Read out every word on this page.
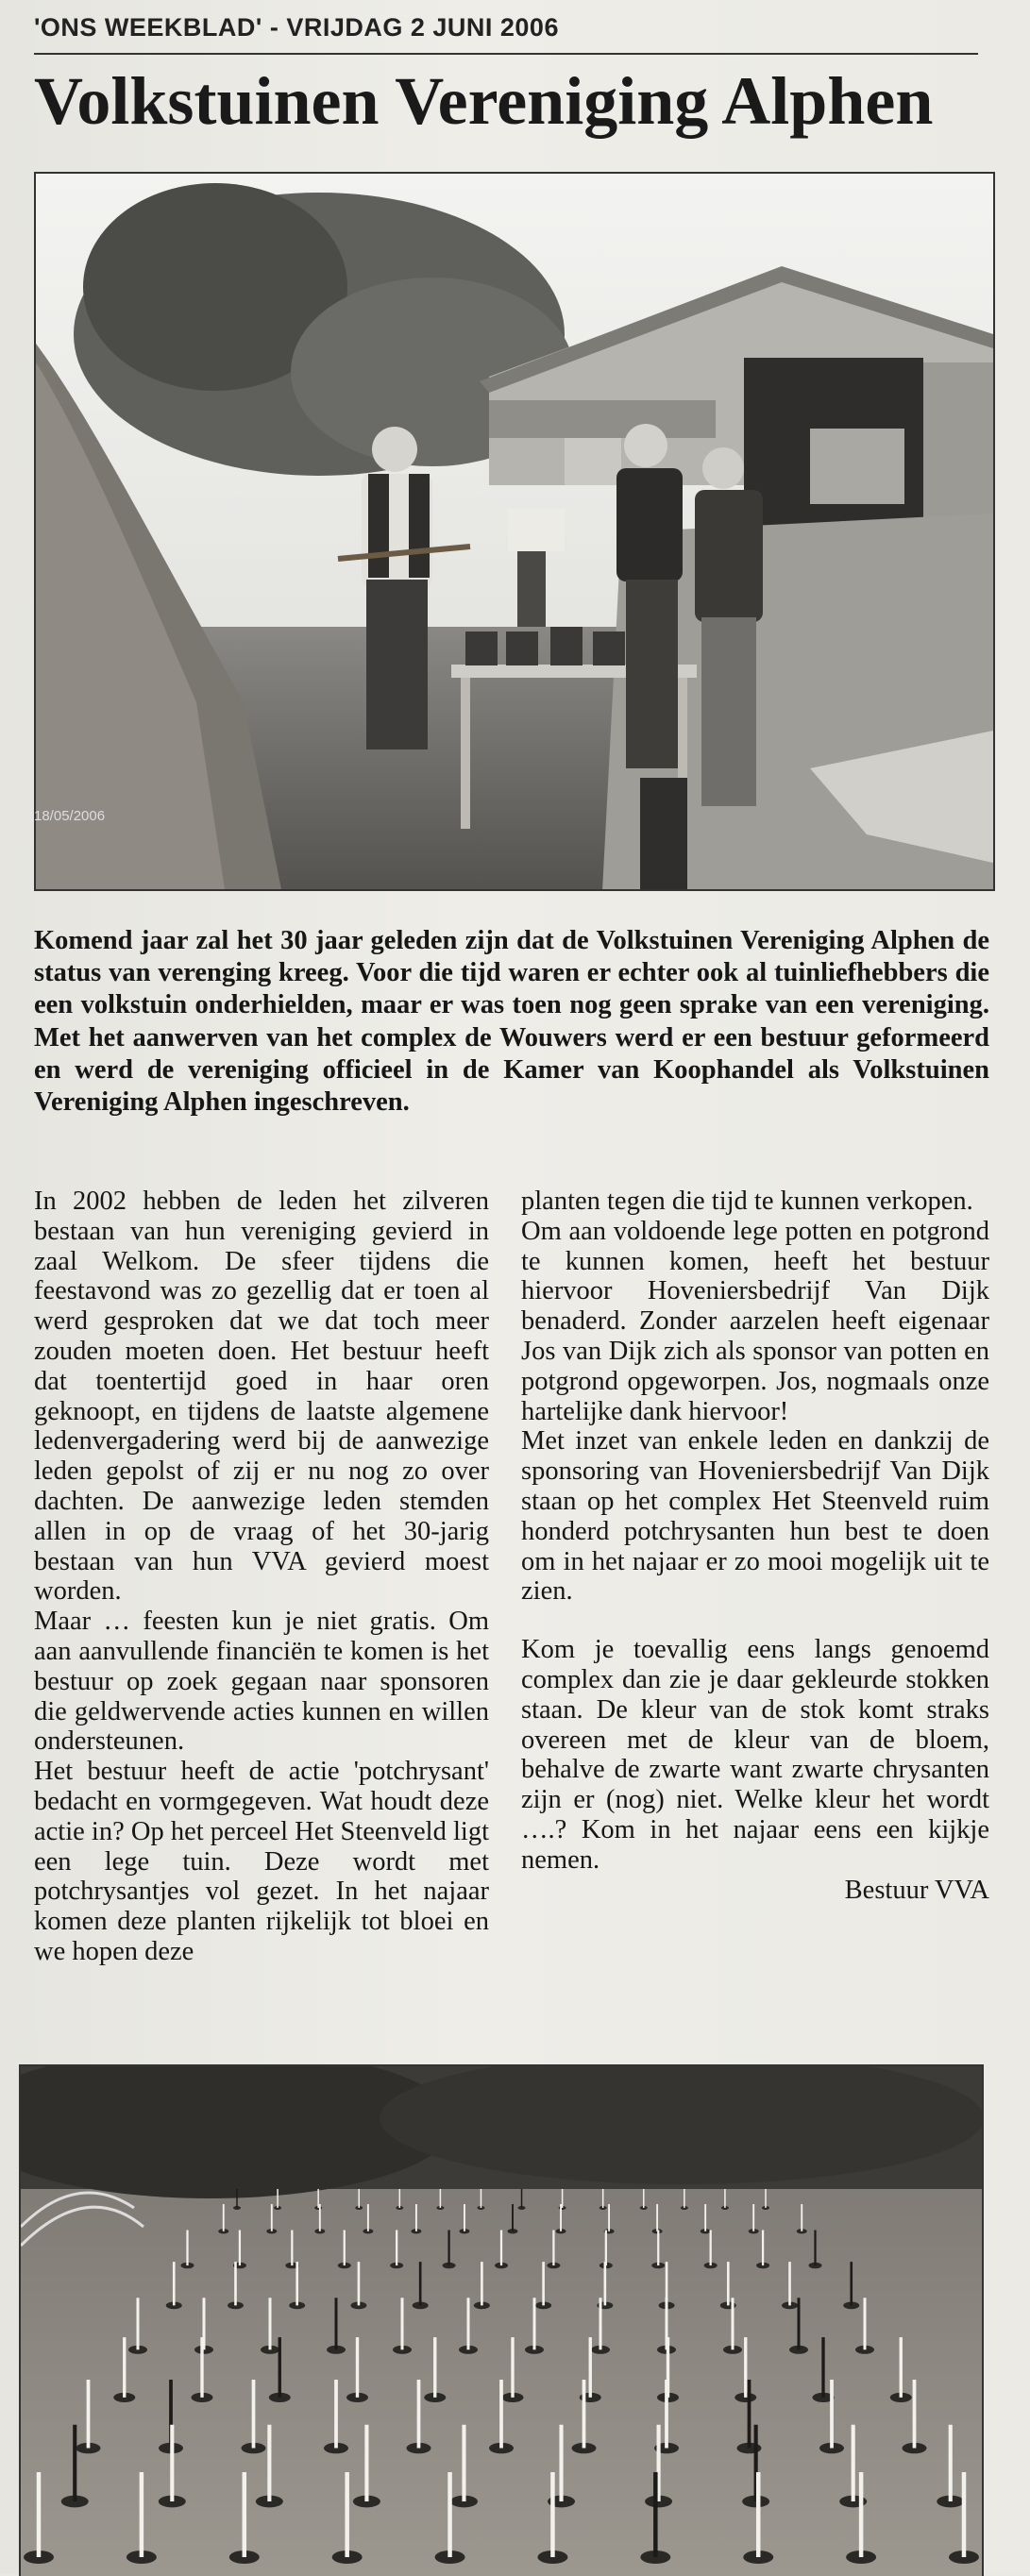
'ONS WEEKBLAD' - VRIJDAG 2 JUNI 2006
Volkstuinen Vereniging Alphen
18/05/2006

Komend jaar zal het 30 jaar geleden zijn dat de Volkstuinen Vereniging Alphen de status van verenging kreeg. Voor die tijd waren er echter ook al tuinliefhebbers die een volkstuin onderhielden, maar er was toen nog geen sprake van een vereniging. Met het aanwerven van het complex de Wouwers werd er een bestuur geformeerd en werd de vereniging officieel in de Kamer van Koophandel als Volkstuinen Vereniging Alphen ingeschreven.

In 2002 hebben de leden het zilveren bestaan van hun vereniging gevierd in zaal Welkom. De sfeer tijdens die feestavond was zo gezellig dat er toen al werd gesproken dat we dat toch meer zouden moeten doen. Het bestuur heeft dat toentertijd goed in haar oren geknoopt, en tijdens de laatste algemene ledenvergadering werd bij de aanwezige leden gepolst of zij er nu nog zo over dachten. De aanwezige leden stemden allen in op de vraag of het 30-jarig bestaan van hun VVA gevierd moest worden.

Maar … feesten kun je niet gratis. Om aan aanvullende financiën te komen is het bestuur op zoek gegaan naar sponsoren die geldwervende acties kunnen en willen ondersteunen.

Het bestuur heeft de actie 'potchrysant' bedacht en vormgegeven. Wat houdt deze actie in? Op het perceel Het Steenveld ligt een lege tuin. Deze wordt met potchrysantjes vol gezet. In het najaar komen deze planten rijkelijk tot bloei en we hopen deze

planten tegen die tijd te kunnen verkopen.

Om aan voldoende lege potten en potgrond te kunnen komen, heeft het bestuur hiervoor Hoveniersbedrijf Van Dijk benaderd. Zonder aarzelen heeft eigenaar Jos van Dijk zich als sponsor van potten en potgrond opgeworpen. Jos, nogmaals onze hartelijke dank hiervoor!

Met inzet van enkele leden en dankzij de sponsoring van Hoveniersbedrijf Van Dijk staan op het complex Het Steenveld ruim honderd potchrysanten hun best te doen om in het najaar er zo mooi mogelijk uit te zien.

Kom je toevallig eens langs genoemd complex dan zie je daar gekleurde stokken staan. De kleur van de stok komt straks overeen met de kleur van de bloem, behalve de zwarte want zwarte chrysanten zijn er (nog) niet. Welke kleur het wordt ….? Kom in het najaar eens een kijkje nemen.

Bestuur VVA
